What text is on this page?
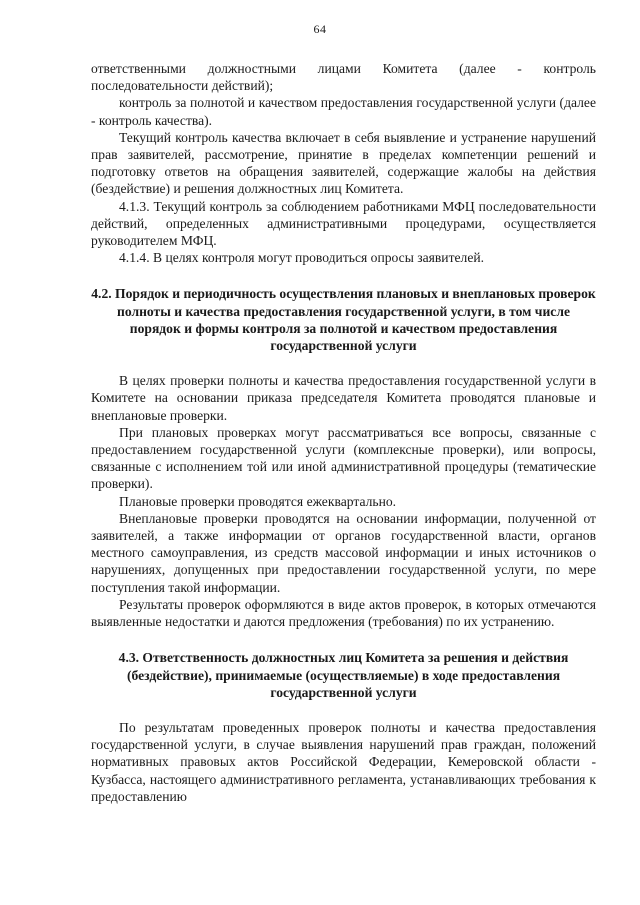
64

ответственными должностными лицами Комитета (далее - контроль последовательности действий);

контроль за полнотой и качеством предоставления государственной услуги (далее - контроль качества).

Текущий контроль качества включает в себя выявление и устранение нарушений прав заявителей, рассмотрение, принятие в пределах компетенции решений и подготовку ответов на обращения заявителей, содержащие жалобы на действия (бездействие) и решения должностных лиц Комитета.

4.1.3. Текущий контроль за соблюдением работниками МФЦ последовательности действий, определенных административными процедурами, осуществляется руководителем МФЦ.

4.1.4. В целях контроля могут проводиться опросы заявителей.

4.2. Порядок и периодичность осуществления плановых и внеплановых проверок полноты и качества предоставления государственной услуги, в том числе порядок и формы контроля за полнотой и качеством предоставления государственной услуги

В целях проверки полноты и качества предоставления государственной услуги в Комитете на основании приказа председателя Комитета проводятся плановые и внеплановые проверки.

При плановых проверках могут рассматриваться все вопросы, связанные с предоставлением государственной услуги (комплексные проверки), или вопросы, связанные с исполнением той или иной административной процедуры (тематические проверки).

Плановые проверки проводятся ежеквартально.

Внеплановые проверки проводятся на основании информации, полученной от заявителей, а также информации от органов государственной власти, органов местного самоуправления, из средств массовой информации и иных источников о нарушениях, допущенных при предоставлении государственной услуги, по мере поступления такой информации.

Результаты проверок оформляются в виде актов проверок, в которых отмечаются выявленные недостатки и даются предложения (требования) по их устранению.

4.3. Ответственность должностных лиц Комитета за решения и действия (бездействие), принимаемые (осуществляемые) в ходе предоставления государственной услуги

По результатам проведенных проверок полноты и качества предоставления государственной услуги, в случае выявления нарушений прав граждан, положений нормативных правовых актов Российской Федерации, Кемеровской области - Кузбасса, настоящего административного регламента, устанавливающих требования к предоставлению
